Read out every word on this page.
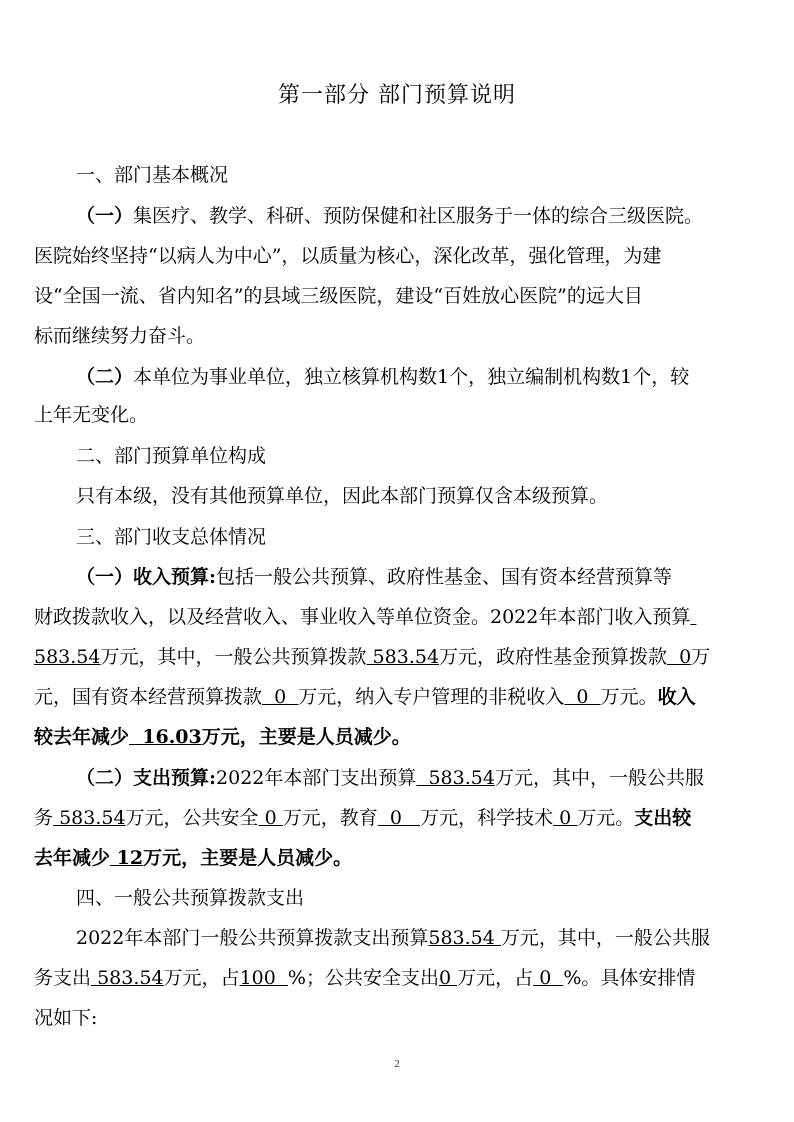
第一部分 部门预算说明
一、部门基本概况
（一）集医疗、教学、科研、预防保健和社区服务于一体的综合三级医院。
医院始终坚持“以病人为中心”，以质量为核心，深化改革，强化管理，为建
设“全国一流、省内知名”的县域三级医院，建设“百姓放心医院”的远大目
标而继续努力奋斗。
（二）本单位为事业单位，独立核算机构数1个，独立编制机构数1个，较
上年无变化。
二、部门预算单位构成
只有本级，没有其他预算单位，因此本部门预算仅含本级预算。
三、部门收支总体情况
（一）收入预算:包括一般公共预算、政府性基金、国有资本经营预算等
财政拨款收入，以及经营收入、事业收入等单位资金。2022年本部门收入预算
583.54万元，其中，一般公共预算拨款 583.54万元，政府性基金预算拨款 0万
元，国有资本经营预算拨款 0 万元，纳入专户管理的非税收入 0 万元。收入
较去年减少 16.03万元，主要是人员减少。
（二）支出预算:2022年本部门支出预算 583.54万元，其中，一般公共服
务 583.54万元，公共安全 0 万元，教育 0 万元，科学技术 0 万元。支出较
去年减少 12万元，主要是人员减少。
四、一般公共预算拨款支出
2022年本部门一般公共预算拨款支出预算583.54 万元，其中，一般公共服
务支出 583.54万元，占100 %；公共安全支出0 万元，占 0 %。具体安排情
况如下:
2
